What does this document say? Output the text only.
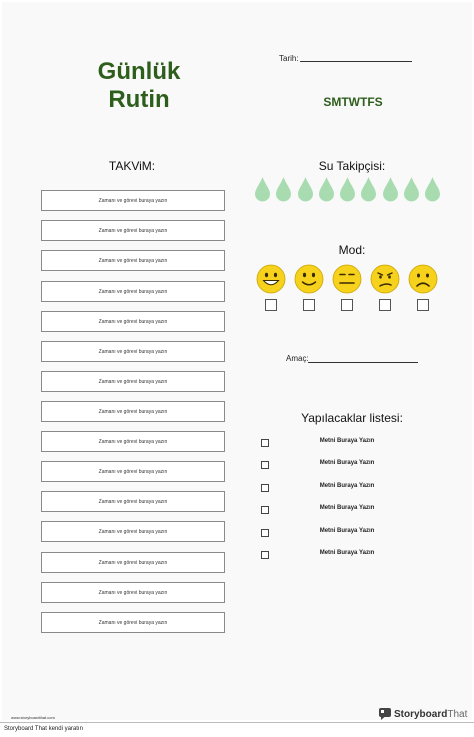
Günlük
Rutin
Tarih:
SMTWTFS
TAKViM:	Su Takipçisi:
Mod:
Yapılacaklar listesi:
Zamanı ve görevi buraya yazın
Zamanı ve görevi buraya yazın
Zamanı ve görevi buraya yazın
Zamanı ve görevi buraya yazın
Zamanı ve görevi buraya yazın
Zamanı ve görevi buraya yazın
Zamanı ve görevi buraya yazın
Zamanı ve görevi buraya yazın
Zamanı ve görevi buraya yazın
Zamanı ve görevi buraya yazın
Zamanı ve görevi buraya yazın
Zamanı ve görevi buraya yazın
Zamanı ve görevi buraya yazın
Zamanı ve görevi buraya yazın
Zamanı ve görevi buraya yazın
Amaç:
Metni Buraya Yazın
Metni Buraya Yazın
Metni Buraya Yazın
Metni Buraya Yazın
Metni Buraya Yazın
Metni Buraya Yazın
www.storyboardthat.com	StoryboardThat
Storyboard That kendi yaratın
